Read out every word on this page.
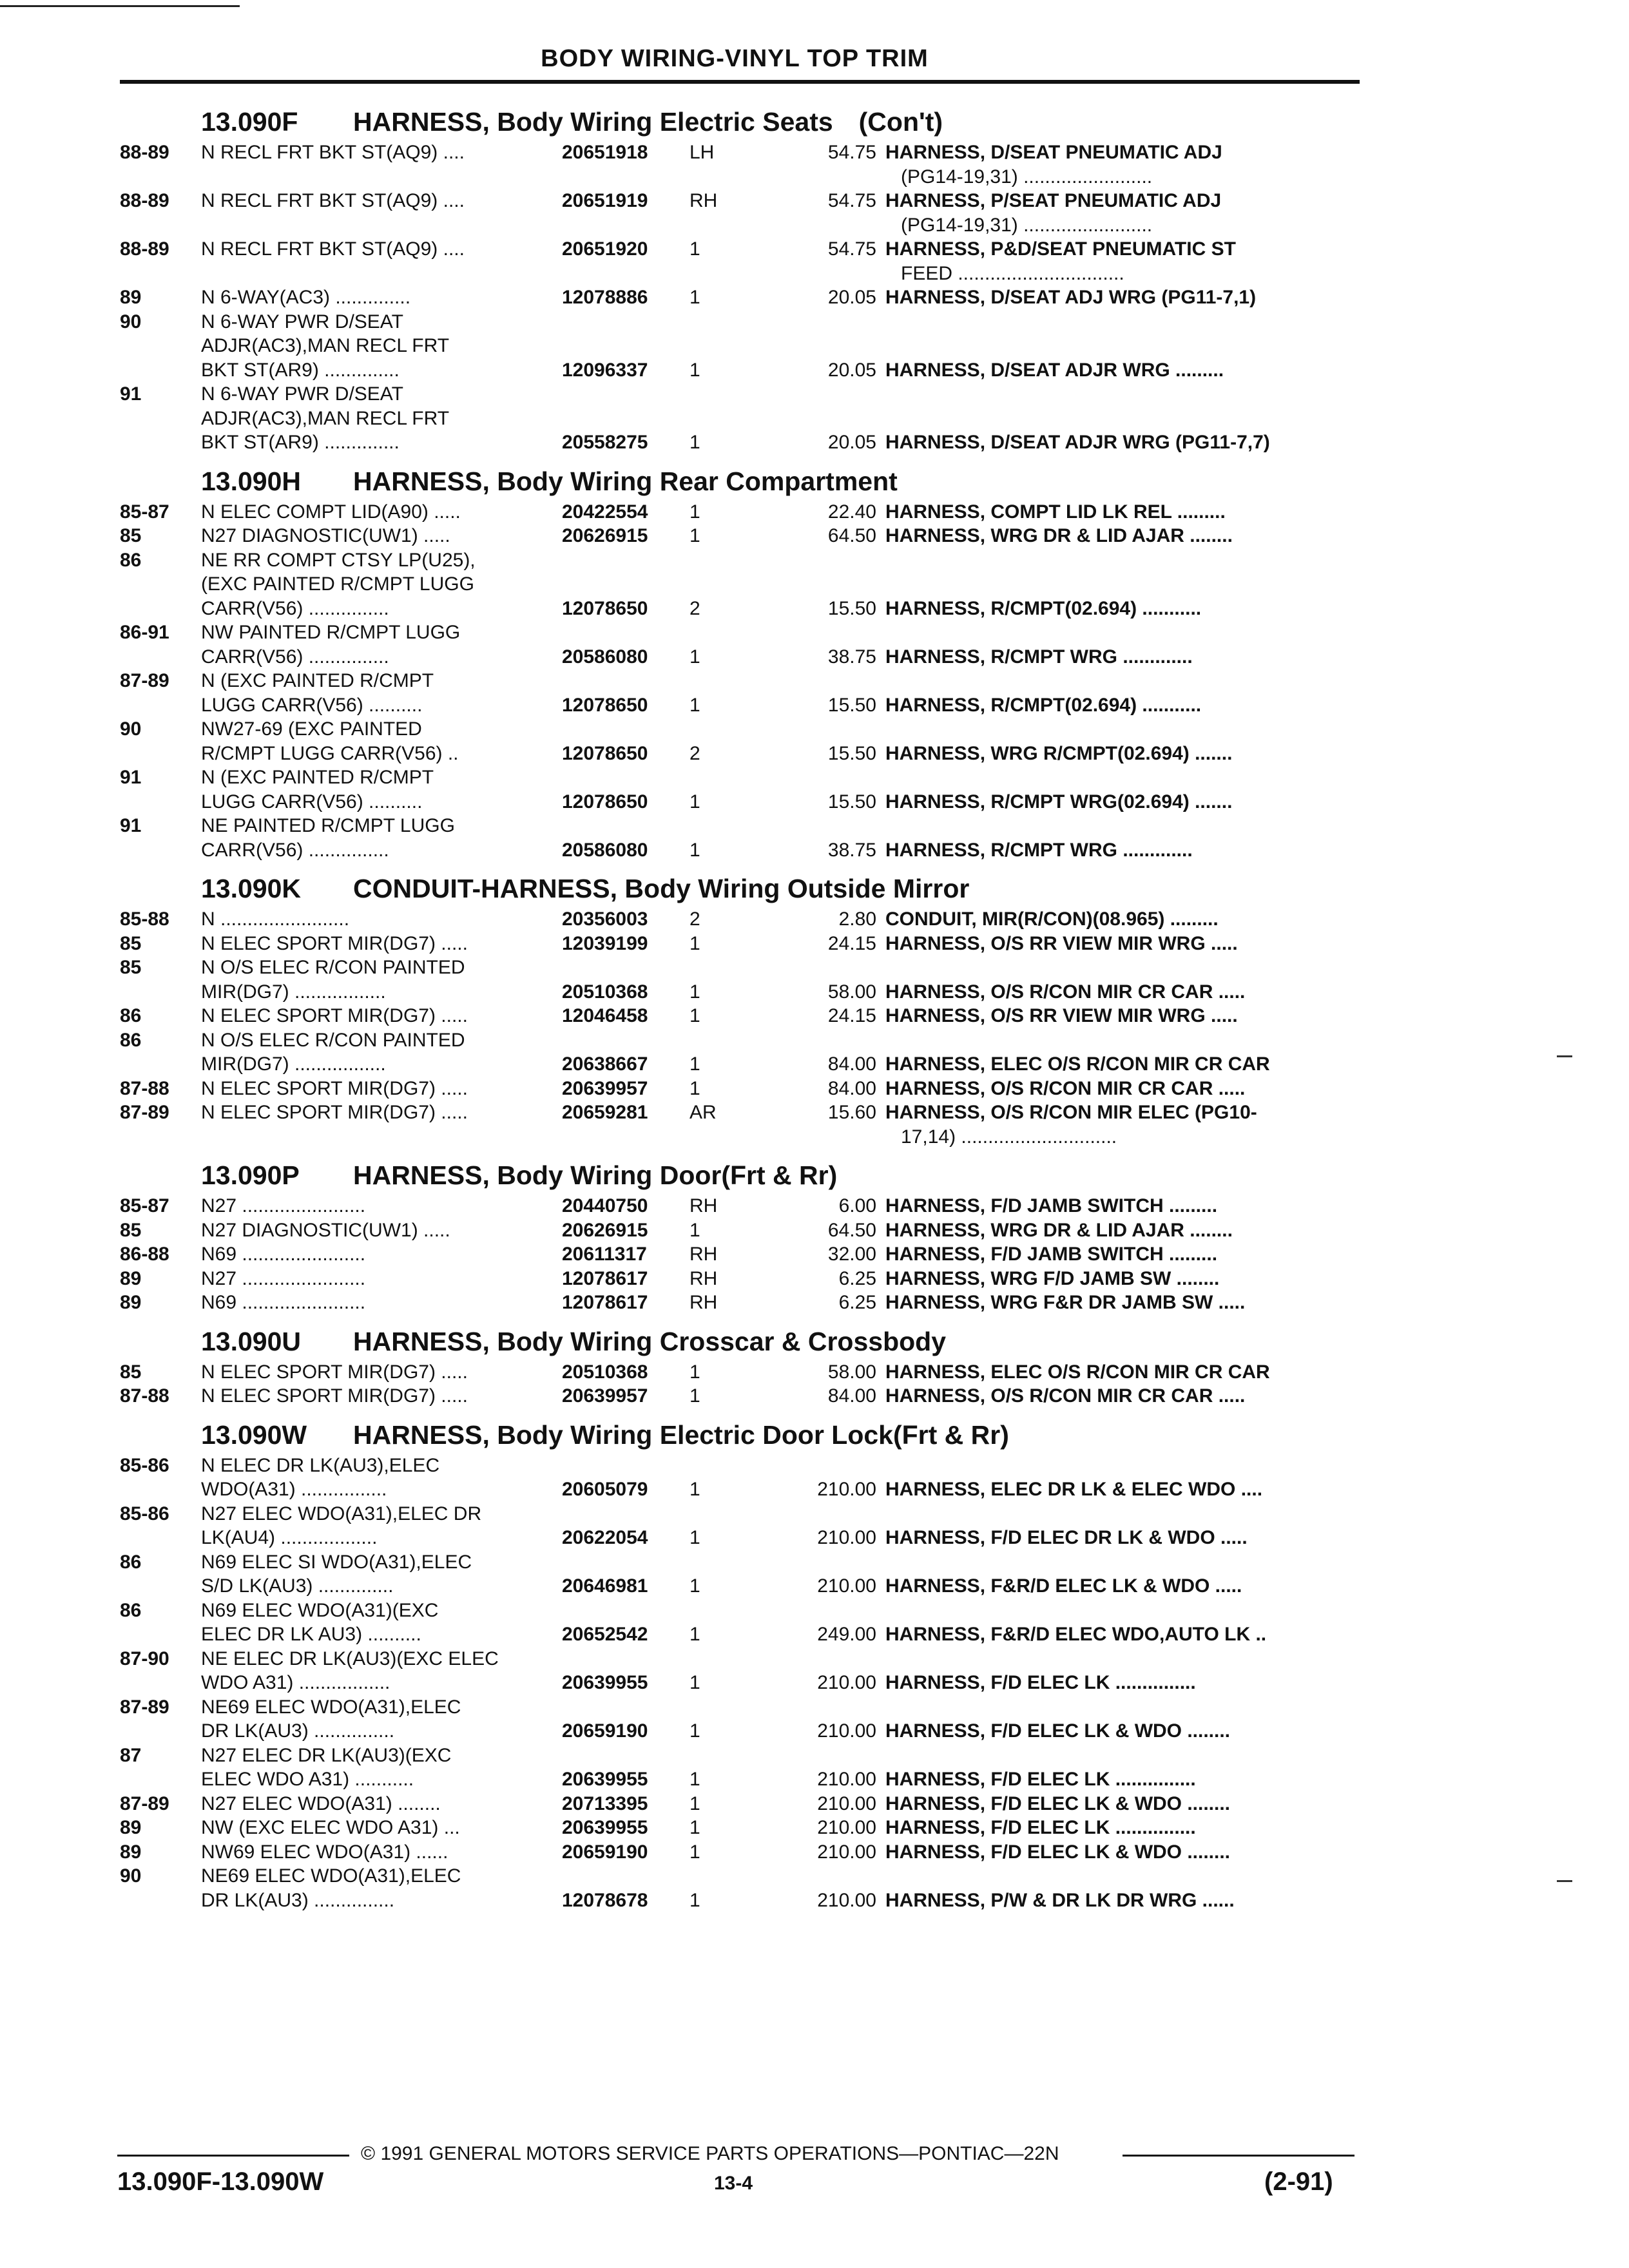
BODY WIRING-VINYL TOP TRIM
13.090F HARNESS, Body Wiring Electric Seats (Con't)
88-89 N RECL FRT BKT ST(AQ9) ....	20651918 LH	54.75 HARNESS, D/SEAT PNEUMATIC ADJ
(PG14-19,31) ........................
88-89 N RECL FRT BKT ST(AQ9) ....	20651919 RH	54.75 HARNESS, P/SEAT PNEUMATIC ADJ
(PG14-19,31) ........................
88-89 N RECL FRT BKT ST(AQ9) ....	20651920 1	54.75 HARNESS, P&D/SEAT PNEUMATIC ST
FEED ...............................
89	N 6-WAY(AC3) ..............	12078886 1	20.05 HARNESS, D/SEAT ADJ WRG (PG11-7,1)
90	N 6-WAY PWR D/SEAT
ADJR(AC3),MAN RECL FRT
BKT ST(AR9) ..............	12096337 1	20.05 HARNESS, D/SEAT ADJR WRG .........
91	N 6-WAY PWR D/SEAT
ADJR(AC3),MAN RECL FRT
BKT ST(AR9) ..............	20558275 1	20.05 HARNESS, D/SEAT ADJR WRG (PG11-7,7)
13.090H HARNESS, Body Wiring Rear Compartment
85-87 N ELEC COMPT LID(A90) .....	20422554 1	22.40 HARNESS, COMPT LID LK REL .........
85	N27 DIAGNOSTIC(UW1) .....	20626915 1	64.50 HARNESS, WRG DR & LID AJAR ........
86	NE RR COMPT CTSY LP(U25),
(EXC PAINTED R/CMPT LUGG
CARR(V56) ...............	12078650 2	15.50 HARNESS, R/CMPT(02.694) ...........
86-91 NW PAINTED R/CMPT LUGG
CARR(V56) ...............	20586080 1	38.75 HARNESS, R/CMPT WRG .............
87-89 N (EXC PAINTED R/CMPT
LUGG CARR(V56) ..........	12078650 1	15.50 HARNESS, R/CMPT(02.694) ...........
90	NW27-69 (EXC PAINTED
R/CMPT LUGG CARR(V56) ..	12078650 2	15.50 HARNESS, WRG R/CMPT(02.694) .......
91	N (EXC PAINTED R/CMPT
LUGG CARR(V56) ..........	12078650 1	15.50 HARNESS, R/CMPT WRG(02.694) .......
91	NE PAINTED R/CMPT LUGG
CARR(V56) ...............	20586080 1	38.75 HARNESS, R/CMPT WRG .............
13.090K CONDUIT-HARNESS, Body Wiring Outside Mirror
85-88 N ........................	20356003 2	2.80 CONDUIT, MIR(R/CON)(08.965) .........
85	N ELEC SPORT MIR(DG7) .....	12039199 1	24.15 HARNESS, O/S RR VIEW MIR WRG .....
85	N O/S ELEC R/CON PAINTED
MIR(DG7) .................	20510368 1	58.00 HARNESS, O/S R/CON MIR CR CAR .....
86	N ELEC SPORT MIR(DG7) .....	12046458 1	24.15 HARNESS, O/S RR VIEW MIR WRG .....
86	N O/S ELEC R/CON PAINTED
MIR(DG7) .................	20638667 1	84.00 HARNESS, ELEC O/S R/CON MIR CR CAR
87-88 N ELEC SPORT MIR(DG7) .....	20639957 1	84.00 HARNESS, O/S R/CON MIR CR CAR .....
87-89 N ELEC SPORT MIR(DG7) .....	20659281 AR	15.60 HARNESS, O/S R/CON MIR ELEC (PG10-
17,14) .............................
13.090P HARNESS, Body Wiring Door(Frt & Rr)
85-87 N27 .......................	20440750 RH	6.00 HARNESS, F/D JAMB SWITCH .........
85	N27 DIAGNOSTIC(UW1) .....	20626915 1	64.50 HARNESS, WRG DR & LID AJAR ........
86-88 N69 .......................	20611317 RH	32.00 HARNESS, F/D JAMB SWITCH .........
89	N27 .......................	12078617 RH	6.25 HARNESS, WRG F/D JAMB SW ........
89	N69 .......................	12078617 RH	6.25 HARNESS, WRG F&R DR JAMB SW .....
13.090U HARNESS, Body Wiring Crosscar & Crossbody
85	N ELEC SPORT MIR(DG7) .....	20510368 1	58.00 HARNESS, ELEC O/S R/CON MIR CR CAR
87-88 N ELEC SPORT MIR(DG7) .....	20639957 1	84.00 HARNESS, O/S R/CON MIR CR CAR .....
13.090W HARNESS, Body Wiring Electric Door Lock(Frt & Rr)
85-86 N ELEC DR LK(AU3),ELEC
WDO(A31) ................	20605079 1	210.00 HARNESS, ELEC DR LK & ELEC WDO ....
85-86 N27 ELEC WDO(A31),ELEC DR
LK(AU4) ..................	20622054 1	210.00 HARNESS, F/D ELEC DR LK & WDO .....
86	N69 ELEC SI WDO(A31),ELEC
S/D LK(AU3) ..............	20646981 1	210.00 HARNESS, F&R/D ELEC LK & WDO .....
86	N69 ELEC WDO(A31)(EXC
ELEC DR LK AU3) ..........	20652542 1	249.00 HARNESS, F&R/D ELEC WDO,AUTO LK ..
87-90 NE ELEC DR LK(AU3)(EXC ELEC
WDO A31) .................	20639955 1	210.00 HARNESS, F/D ELEC LK ...............
87-89 NE69 ELEC WDO(A31),ELEC
DR LK(AU3) ...............	20659190 1	210.00 HARNESS, F/D ELEC LK & WDO ........
87	N27 ELEC DR LK(AU3)(EXC
ELEC WDO A31) ...........	20639955 1	210.00 HARNESS, F/D ELEC LK ...............
87-89 N27 ELEC WDO(A31) ........	20713395 1	210.00 HARNESS, F/D ELEC LK & WDO ........
89	NW (EXC ELEC WDO A31) ...	20639955 1	210.00 HARNESS, F/D ELEC LK ...............
89	NW69 ELEC WDO(A31) ......	20659190 1	210.00 HARNESS, F/D ELEC LK & WDO ........
90	NE69 ELEC WDO(A31),ELEC
DR LK(AU3) ...............	12078678 1	210.00 HARNESS, P/W & DR LK DR WRG ......
© 1991 GENERAL MOTORS SERVICE PARTS OPERATIONS—PONTIAC—22N
13.090F-13.090W	13-4	(2-91)
